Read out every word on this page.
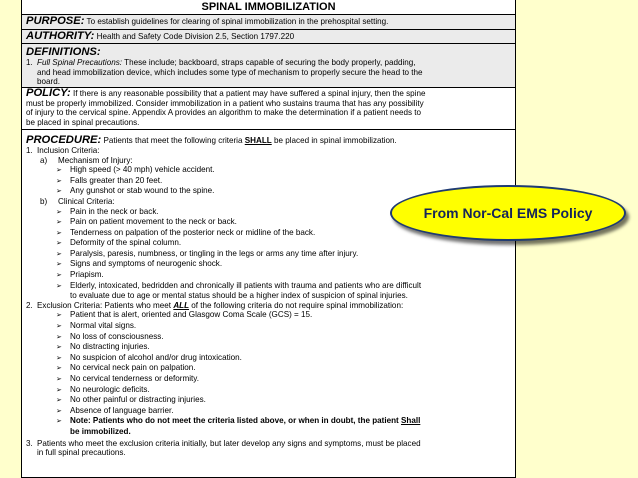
SPINAL IMMOBILIZATION
PURPOSE: To establish guidelines for clearing of spinal immobilization in the prehospital setting.
AUTHORITY: Health and Safety Code Division 2.5, Section 1797.220
DEFINITIONS:
1. Full Spinal Precautions: These include; backboard, straps capable of securing the body properly, padding,
and head immobilization device, which includes some type of mechanism to properly secure the head to the
board.
POLICY: If there is any reasonable possibility that a patient may have suffered a spinal injury, then the spine
must be properly immobilized. Consider immobilization in a patient who sustains trauma that has any possibility
of injury to the cervical spine. Appendix A provides an algorithm to make the determination if a patient needs to
be placed in spinal precautions.
PROCEDURE: Patients that meet the following criteria SHALL be placed in spinal immobilization.
1. Inclusion Criteria:
a) Mechanism of Injury:
➢ High speed (> 40 mph) vehicle accident.
➢ Falls greater than 20 feet.
➢ Any gunshot or stab wound to the spine.
b) Clinical Criteria:
➢ Pain in the neck or back.
➢ Pain on patient movement to the neck or back.
➢ Tenderness on palpation of the posterior neck or midline of the back.
➢ Deformity of the spinal column.
➢ Paralysis, paresis, numbness, or tingling in the legs or arms any time after injury.
➢ Signs and symptoms of neurogenic shock.
➢ Priapism.
➢ Elderly, intoxicated, bedridden and chronically ill patients with trauma and patients who are difficult
to evaluate due to age or mental status should be a higher index of suspicion of spinal injuries.
2. Exclusion Criteria: Patients who meet ALL of the following criteria do not require spinal immobilization:
➢ Patient that is alert, oriented and Glasgow Coma Scale (GCS) = 15.
➢ Normal vital signs.
➢ No loss of consciousness.
➢ No distracting injuries.
➢ No suspicion of alcohol and/or drug intoxication.
➢ No cervical neck pain on palpation.
➢ No cervical tenderness or deformity.
➢ No neurologic deficits.
➢ No other painful or distracting injuries.
➢ Absence of language barrier.
➢ Note: Patients who do not meet the criteria listed above, or when in doubt, the patient Shall
be immobilized.
3. Patients who meet the exclusion criteria initially, but later develop any signs and symptoms, must be placed
in full spinal precautions.
From Nor-Cal EMS Policy
